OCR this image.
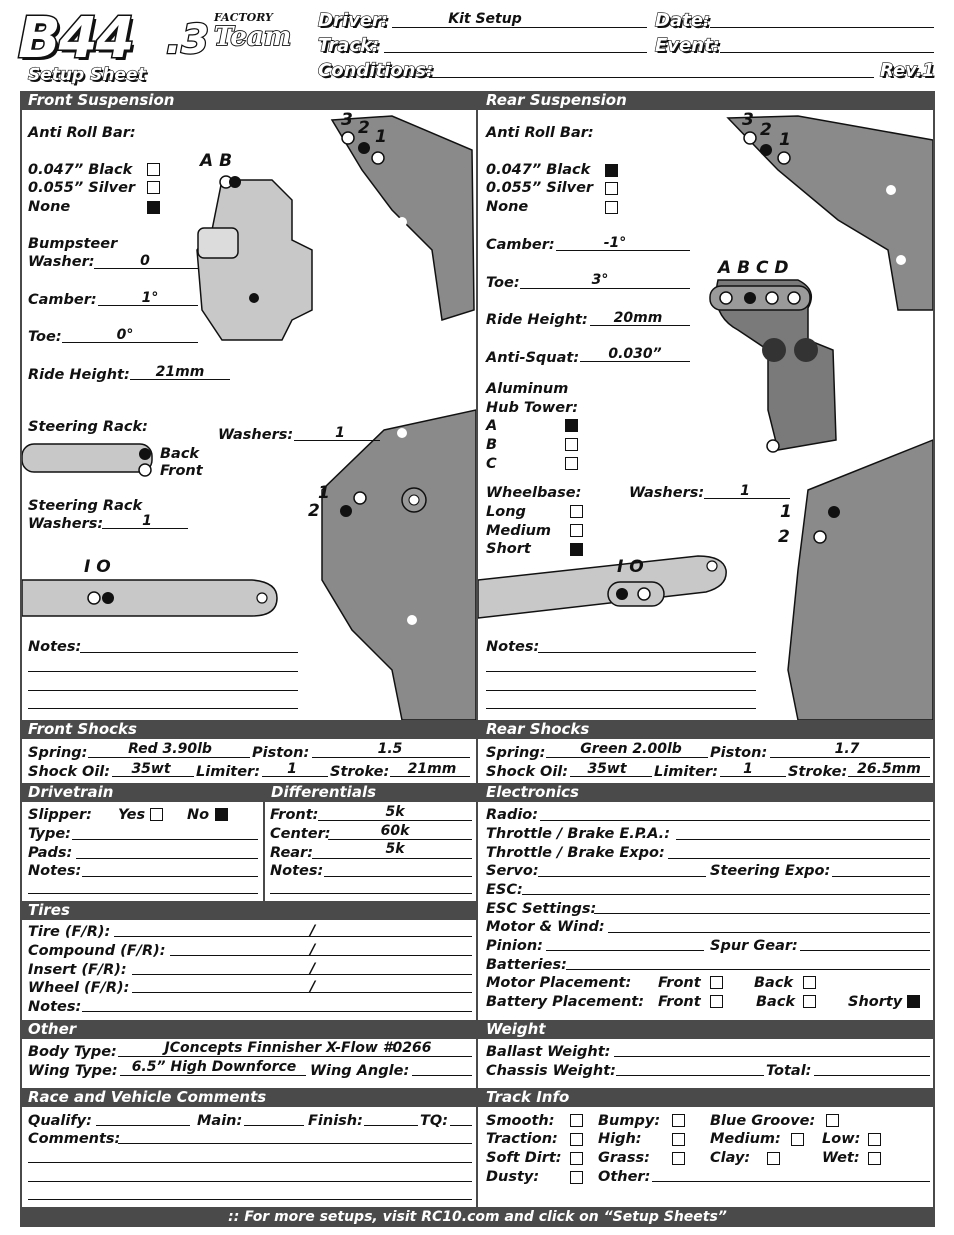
B44 .3 FACTORY
Team
Setup Sheet
Driver:	Kit Setup
Track:
Conditions:
Date:
Event:
Rev.1
Front Suspension
3 2 1
A B
1
2
Anti Roll Bar:
0.047” Black
0.055” Silver
None
Bumpsteer
Washer:	0
Camber:	1°
Toe:	0°
Ride Height:	21mm
Steering Rack:
Back
Front
Washers:	1
Steering Rack
Washers:	1
I O
Notes:
Rear Suspension
3 2 1
A B C D
1
2
Anti Roll Bar:
0.047” Black
0.055” Silver
None
Camber:	-1°
Toe:	3°
Ride Height:	20mm
Anti-Squat:	0.030”
Aluminum
Hub Tower:
A
B
C
Wheelbase:
Long
Medium
Short
Washers:	1
I O
Notes:
Front Shocks
Spring:	Red 3.90lb	Piston:	1.5
Shock Oil:	35wt	Limiter:	1	Stroke:	21mm
Rear Shocks
Spring:	Green 2.00lb	Piston:	1.7
Shock Oil:	35wt	Limiter:	1	Stroke: 26.5mm
Drivetrain	Differentials
Slipper: Yes	No
Type:
Pads:
Notes:
Front:	5k
Center:	60k
Rear:	5k
Notes:
Tires
Tire (F/R):	/
Compound (F/R):	/
Insert (F/R):	/
Wheel (F/R):	/
Notes:
Electronics
Radio:
Throttle / Brake E.P.A.:
Throttle / Brake Expo:
Servo:	Steering Expo:
ESC:
ESC Settings:
Motor & Wind:
Pinion:	Spur Gear:
Batteries:
Motor Placement: Front	Back
Battery Placement: Front	Back	Shorty
Other
Body Type:	JConcepts Finnisher X-Flow #0266
Wing Type:	6.5” High Downforce Wing Angle:
Weight
Ballast Weight:
Chassis Weight:	Total:
Race and Vehicle Comments
Qualify:	Main:	Finish:	TQ:
Comments:
Track Info
Smooth:	Bumpy:	Blue Groove:
Traction:	High:	Medium:	Low:
Soft Dirt:	Grass:	Clay:	Wet:
Dusty:	Other:
:: For more setups, visit RC10.com and click on “Setup Sheets”
